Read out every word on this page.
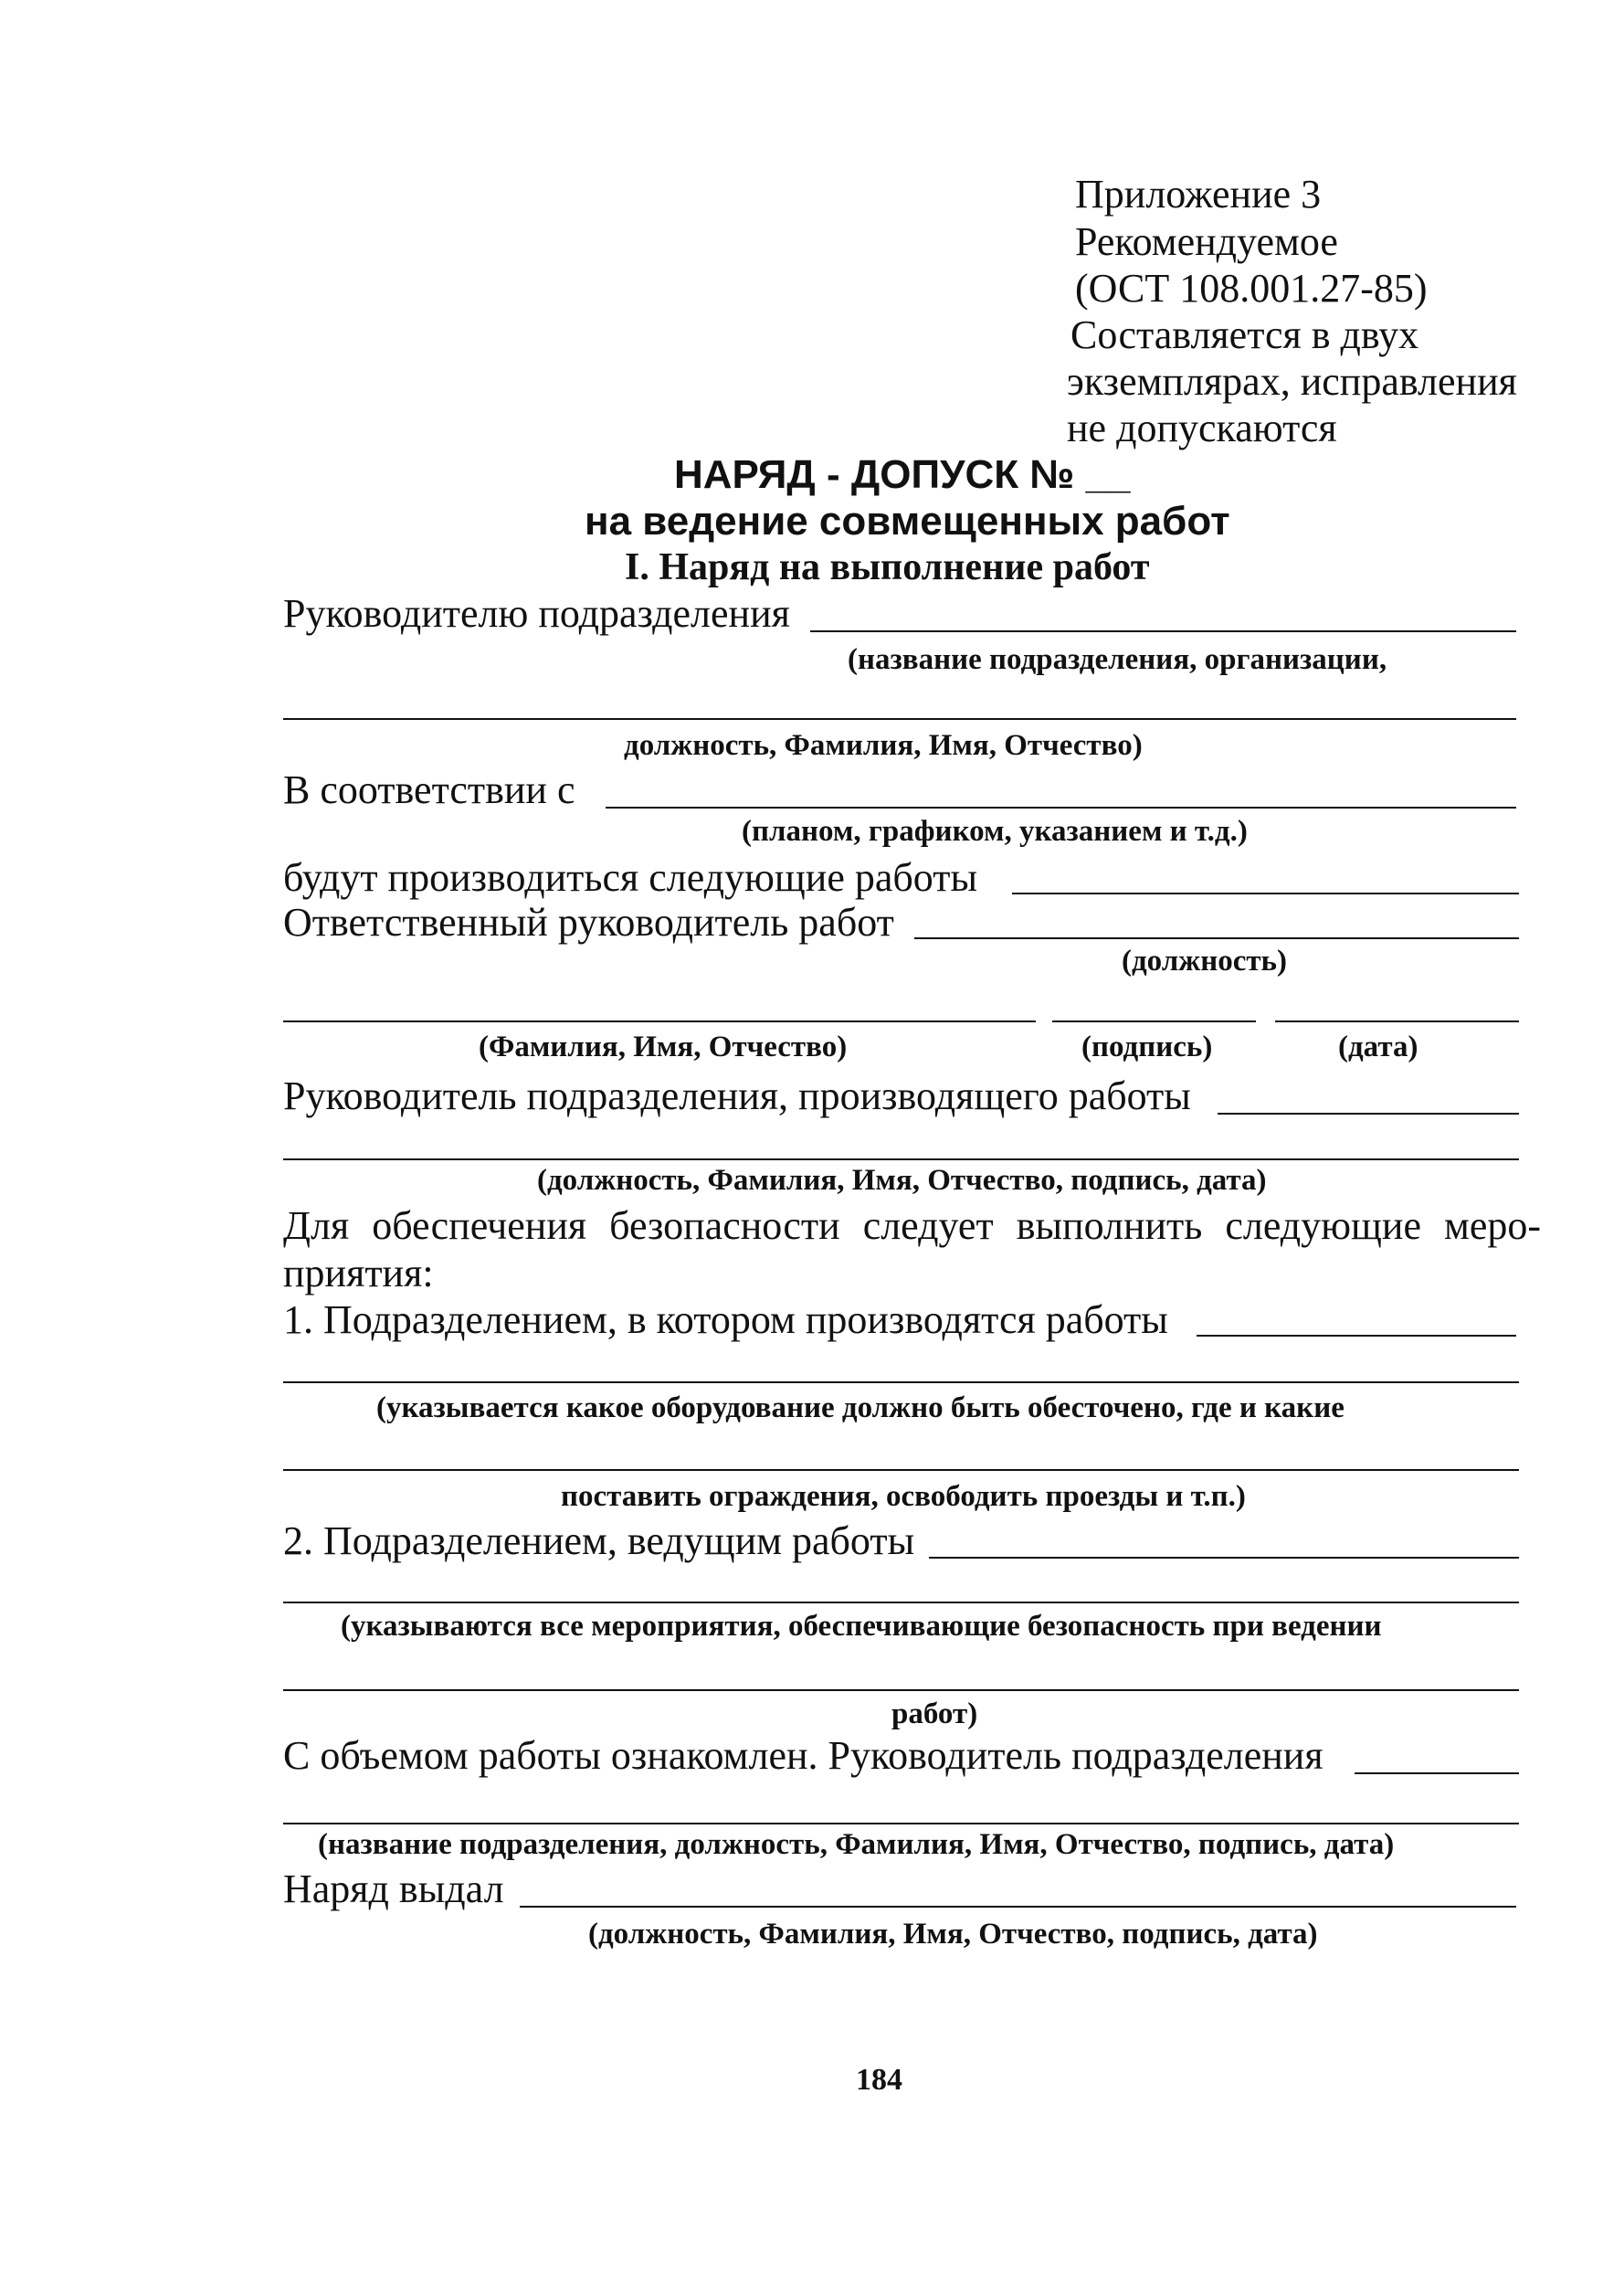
Приложение 3
Рекомендуемое
(ОСТ 108.001.27-85)
Составляется в двух
экземплярах, исправления
не допускаются
НАРЯД - ДОПУСК № __
на ведение совмещенных работ
I. Наряд на выполнение работ
Руководителю подразделения
(название подразделения, организации,
должность, Фамилия, Имя, Отчество)
В соответствии с
(планом, графиком, указанием и т.д.)
будут производиться следующие работы
Ответственный руководитель работ
(должность)
(Фамилия, Имя, Отчество)	(подпись)	(дата)
Руководитель подразделения, производящего работы
(должность, Фамилия, Имя, Отчество, подпись, дата)
Для обеспечения безопасности следует выполнить следующие меро-
приятия:
1. Подразделением, в котором производятся работы
(указывается какое оборудование должно быть обесточено, где и какие
поставить ограждения, освободить проезды и т.п.)
2. Подразделением, ведущим работы
(указываются все мероприятия, обеспечивающие безопасность при ведении
работ)
С объемом работы ознакомлен. Руководитель подразделения
(название подразделения, должность, Фамилия, Имя, Отчество, подпись, дата)
Наряд выдал
(должность, Фамилия, Имя, Отчество, подпись, дата)
184
